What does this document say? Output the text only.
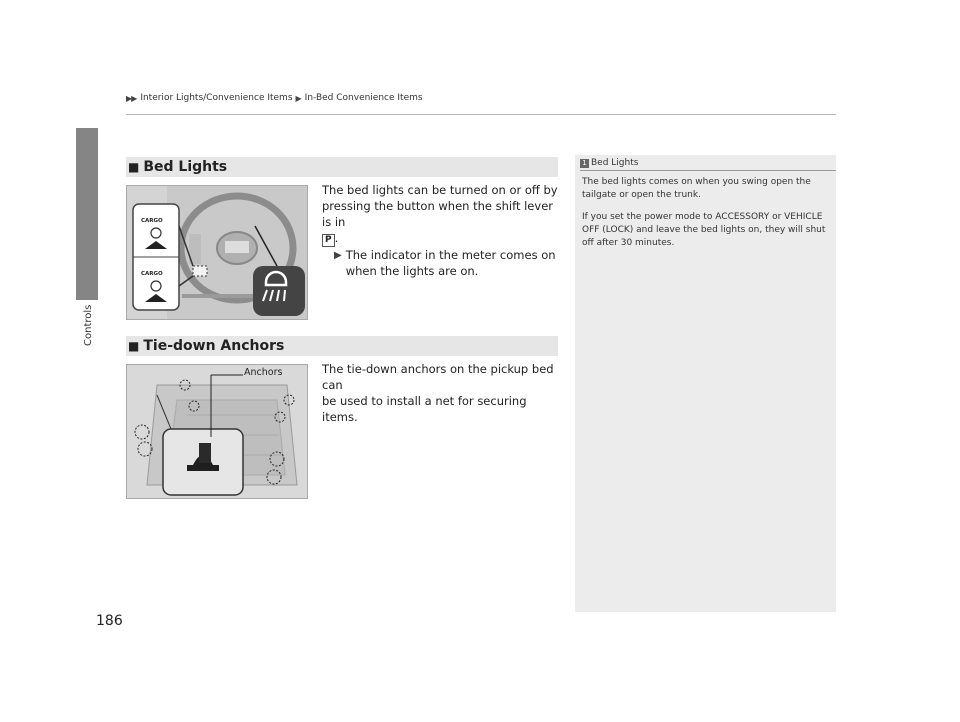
▶▶ Interior Lights/Convenience Items ▶ In-Bed Convenience Items
Controls
■ Bed Lights
CARGO
CARGO
The bed lights can be turned on or off by
pressing the button when the shift lever is in
P .
▶ The indicator in the meter comes on
when the lights are on.
■ Tie-down Anchors
Anchors	The tie-down anchors on the pickup bed can
be used to install a net for securing items.
1 Bed Lights

The bed lights comes on when you swing open the tailgate or open the trunk.

If you set the power mode to ACCESSORY or VEHICLE OFF (LOCK) and leave the bed lights on, they will shut off after 30 minutes.

186
